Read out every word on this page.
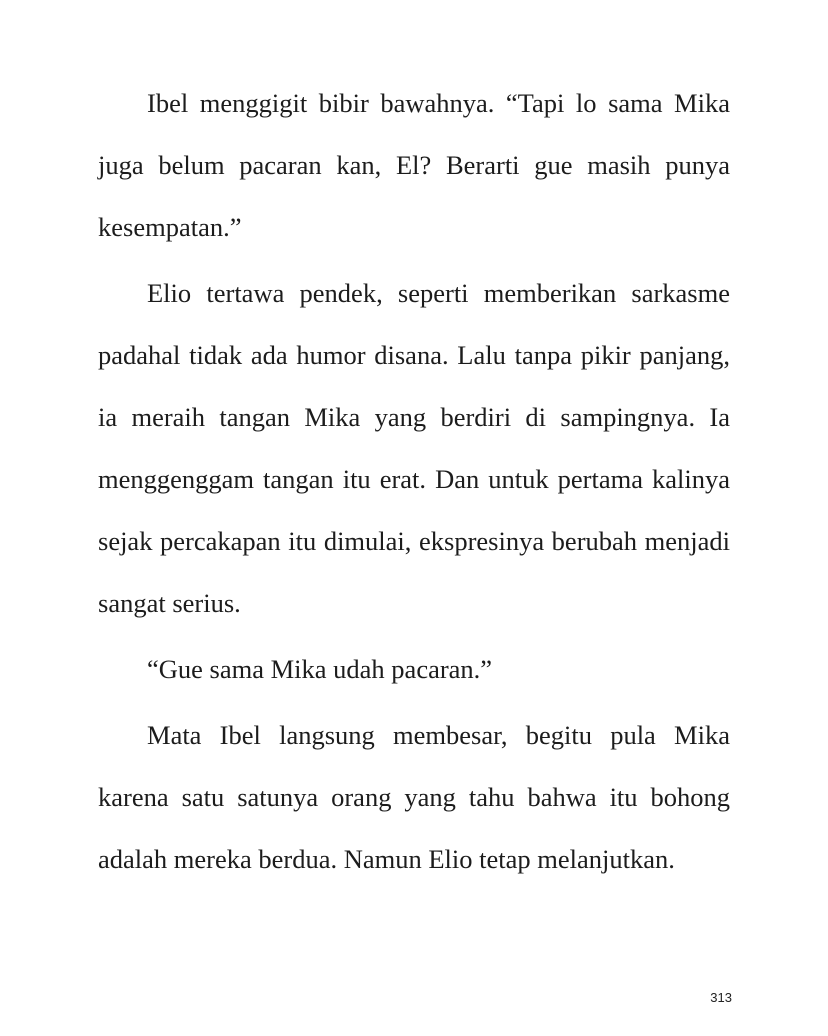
Ibel menggigit bibir bawahnya. “Tapi lo sama Mika juga belum pacaran kan, El? Berarti gue masih punya kesempatan.”

Elio tertawa pendek, seperti memberikan sarkasme padahal tidak ada humor disana. Lalu tanpa pikir panjang, ia meraih tangan Mika yang berdiri di sampingnya. Ia menggenggam tangan itu erat. Dan untuk pertama kalinya sejak percakapan itu dimulai, ekspresinya berubah menjadi sangat serius.

“Gue sama Mika udah pacaran.”

Mata Ibel langsung membesar, begitu pula Mika karena satu satunya orang yang tahu bahwa itu bohong adalah mereka berdua. Namun Elio tetap melanjutkan.

313
